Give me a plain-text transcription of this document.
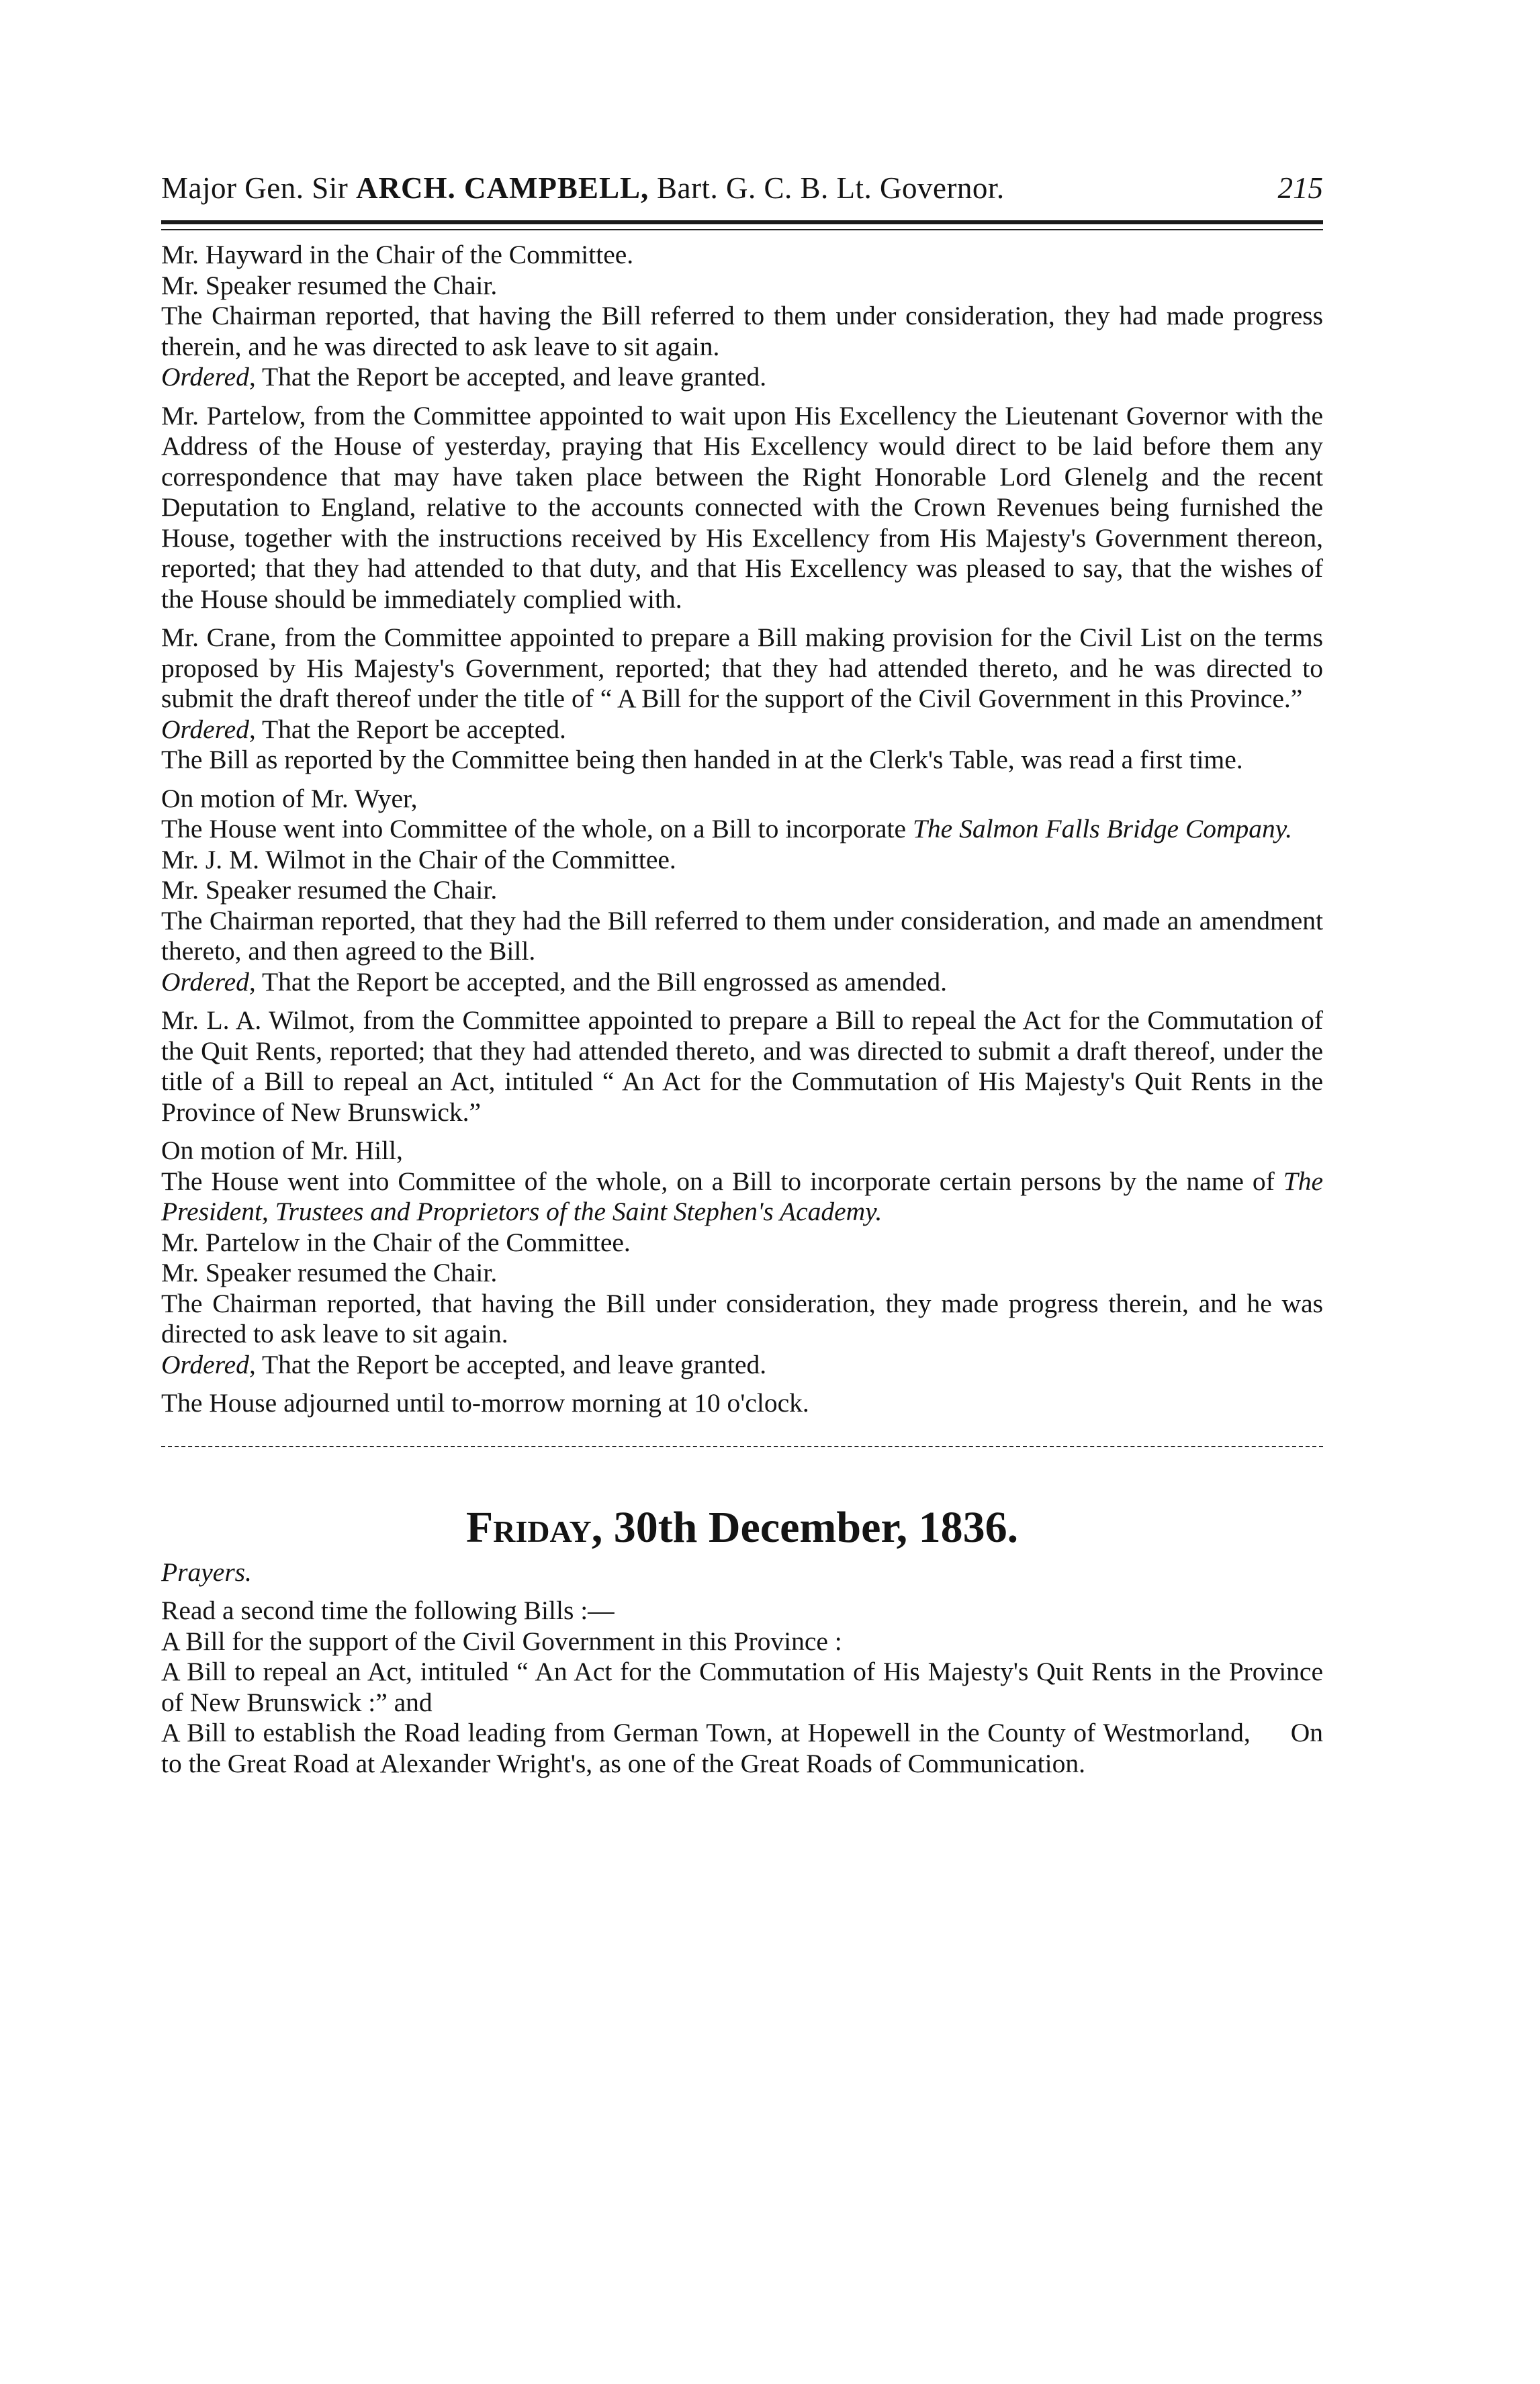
Major Gen. Sir ARCH. CAMPBELL, Bart. G. C. B. Lt. Governor.	215

Mr. Hayward in the Chair of the Committee.

Mr. Speaker resumed the Chair.

The Chairman reported, that having the Bill referred to them under consideration, they had made progress therein, and he was directed to ask leave to sit again.

Ordered, That the Report be accepted, and leave granted.

Mr. Partelow, from the Committee appointed to wait upon His Excellency the Lieutenant Governor with the Address of the House of yesterday, praying that His Excellency would direct to be laid before them any correspondence that may have taken place between the Right Honorable Lord Glenelg and the recent Deputation to England, relative to the accounts connected with the Crown Revenues being furnished the House, together with the instructions received by His Excellency from His Majesty's Government thereon, reported; that they had attended to that duty, and that His Excellency was pleased to say, that the wishes of the House should be immediately complied with.

Mr. Crane, from the Committee appointed to prepare a Bill making provision for the Civil List on the terms proposed by His Majesty's Government, reported; that they had attended thereto, and he was directed to submit the draft thereof under the title of “ A Bill for the support of the Civil Government in this Province.”

Ordered, That the Report be accepted.

The Bill as reported by the Committee being then handed in at the Clerk's Table, was read a first time.

On motion of Mr. Wyer,

The House went into Committee of the whole, on a Bill to incorporate The Salmon Falls Bridge Company.

Mr. J. M. Wilmot in the Chair of the Committee.

Mr. Speaker resumed the Chair.

The Chairman reported, that they had the Bill referred to them under consideration, and made an amendment thereto, and then agreed to the Bill.

Ordered, That the Report be accepted, and the Bill engrossed as amended.

Mr. L. A. Wilmot, from the Committee appointed to prepare a Bill to repeal the Act for the Commutation of the Quit Rents, reported; that they had attended thereto, and was directed to submit a draft thereof, under the title of a Bill to repeal an Act, intituled “ An Act for the Commutation of His Majesty's Quit Rents in the Province of New Brunswick.”

On motion of Mr. Hill,

The House went into Committee of the whole, on a Bill to incorporate certain persons by the name of The President, Trustees and Proprietors of the Saint Stephen's Academy.

Mr. Partelow in the Chair of the Committee.

Mr. Speaker resumed the Chair.

The Chairman reported, that having the Bill under consideration, they made progress therein, and he was directed to ask leave to sit again.

Ordered, That the Report be accepted, and leave granted.

The House adjourned until to-morrow morning at 10 o'clock.

Friday, 30th December, 1836.
Prayers.

Read a second time the following Bills :—

A Bill for the support of the Civil Government in this Province :

A Bill to repeal an Act, intituled “ An Act for the Commutation of His Majesty's Quit Rents in the Province of New Brunswick :” and

A Bill to establish the Road leading from German Town, at Hopewell in the County of Westmorland, to the Great Road at Alexander Wright's, as one of the Great Roads of Communication.

On
